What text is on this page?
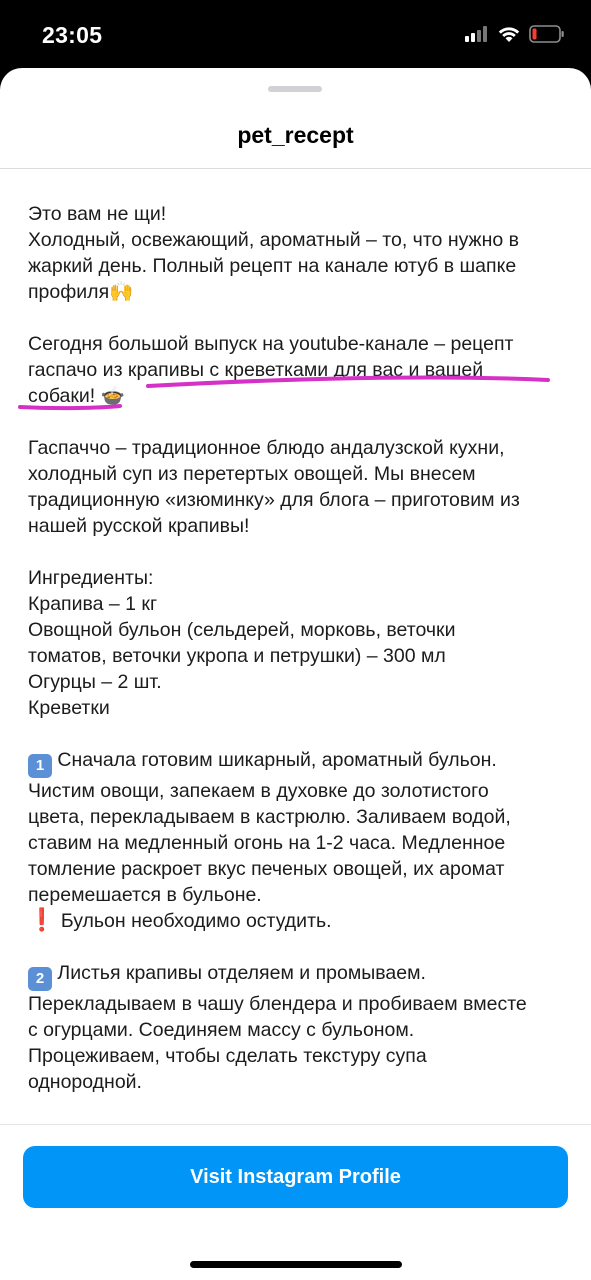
23:05
pet_recept
Это вам не щи!
Холодный, освежающий, ароматный – то, что нужно в
жаркий день. Полный рецепт на канале ютуб в шапке
профиля🙌
Сегодня большой выпуск на youtube-канале – рецепт
гаспачо из крапивы с креветками для вас и вашей
собаки! 🍲
Гаспаччо – традиционное блюдо андалузской кухни,
холодный суп из перетертых овощей. Мы внесем
традиционную «изюминку» для блога – приготовим из
нашей русской крапивы!
Ингредиенты:
Крапива – 1 кг
Овощной бульон (сельдерей, морковь, веточки
томатов, веточки укропа и петрушки) – 300 мл
Огурцы – 2 шт.
Креветки
1 Сначала готовим шикарный, ароматный бульон.
Чистим овощи, запекаем в духовке до золотистого
цвета, перекладываем в кастрюлю. Заливаем водой,
ставим на медленный огонь на 1-2 часа. Медленное
томление раскроет вкус печеных овощей, их аромат
перемешается в бульоне.
❗ Бульон необходимо остудить.
2 Листья крапивы отделяем и промываем.
Перекладываем в чашу блендера и пробиваем вместе
с огурцами. Соединяем массу с бульоном.
Процеживаем, чтобы сделать текстуру супа
однородной.
Visit Instagram Profile
